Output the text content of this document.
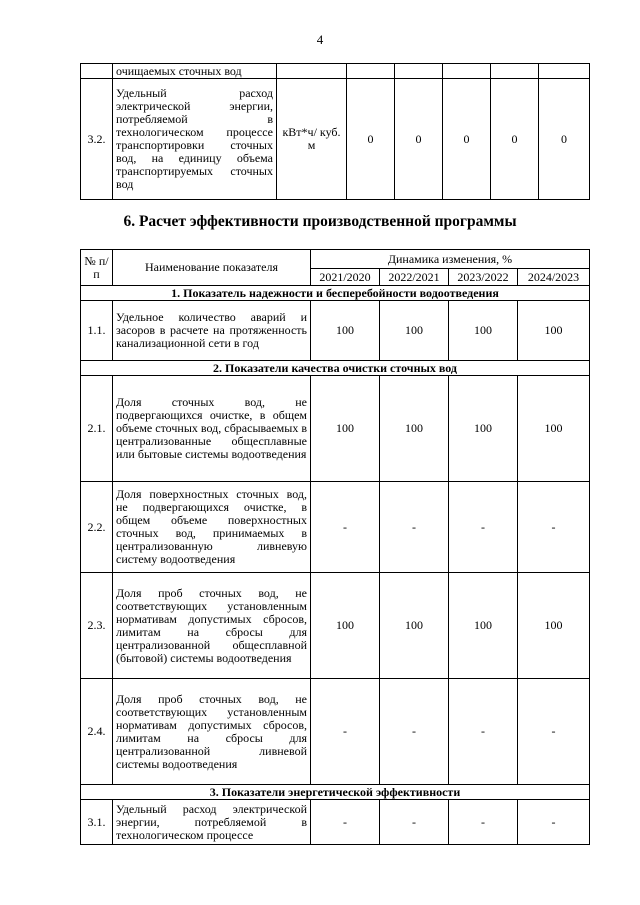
4
	очищаемых сточных вод						
3.2.	Удельный расход электрической энергии, потребляемой в технологическом процессе транспортировки сточных вод, на единицу объема транспортируемых сточных вод	кВт*ч/ куб. м	0	0	0	0	0
6. Расчет эффективности производственной программы
№ п/п	Наименование показателя	Динамика изменения, %			
		2021/2020	2022/2021	2023/2022	2024/2023
1. Показатель надежности и бесперебойности водоотведения					
1.1.	Удельное количество аварий и засоров в расчете на протяженность канализационной сети в год	100	100	100	100
2. Показатели качества очистки сточных вод					
2.1.	Доля сточных вод, не подвергающихся очистке, в общем объеме сточных вод, сбрасываемых в централизованные общесплавные или бытовые системы водоотведения	100	100	100	100
2.2.	Доля поверхностных сточных вод, не подвергающихся очистке, в общем объеме поверхностных сточных вод, принимаемых в централизованную ливневую систему водоотведения	-	-	-	-
2.3.	Доля проб сточных вод, не соответствующих установленным нормативам допустимых сбросов, лимитам на сбросы для централизованной общесплавной (бытовой) системы водоотведения	100	100	100	100
2.4.	Доля проб сточных вод, не соответствующих установленным нормативам допустимых сбросов, лимитам на сбросы для централизованной ливневой системы водоотведения	-	-	-	-
3. Показатели энергетической эффективности					
3.1.	Удельный расход электрической энергии, потребляемой в технологическом процессе	-	-	-	-
